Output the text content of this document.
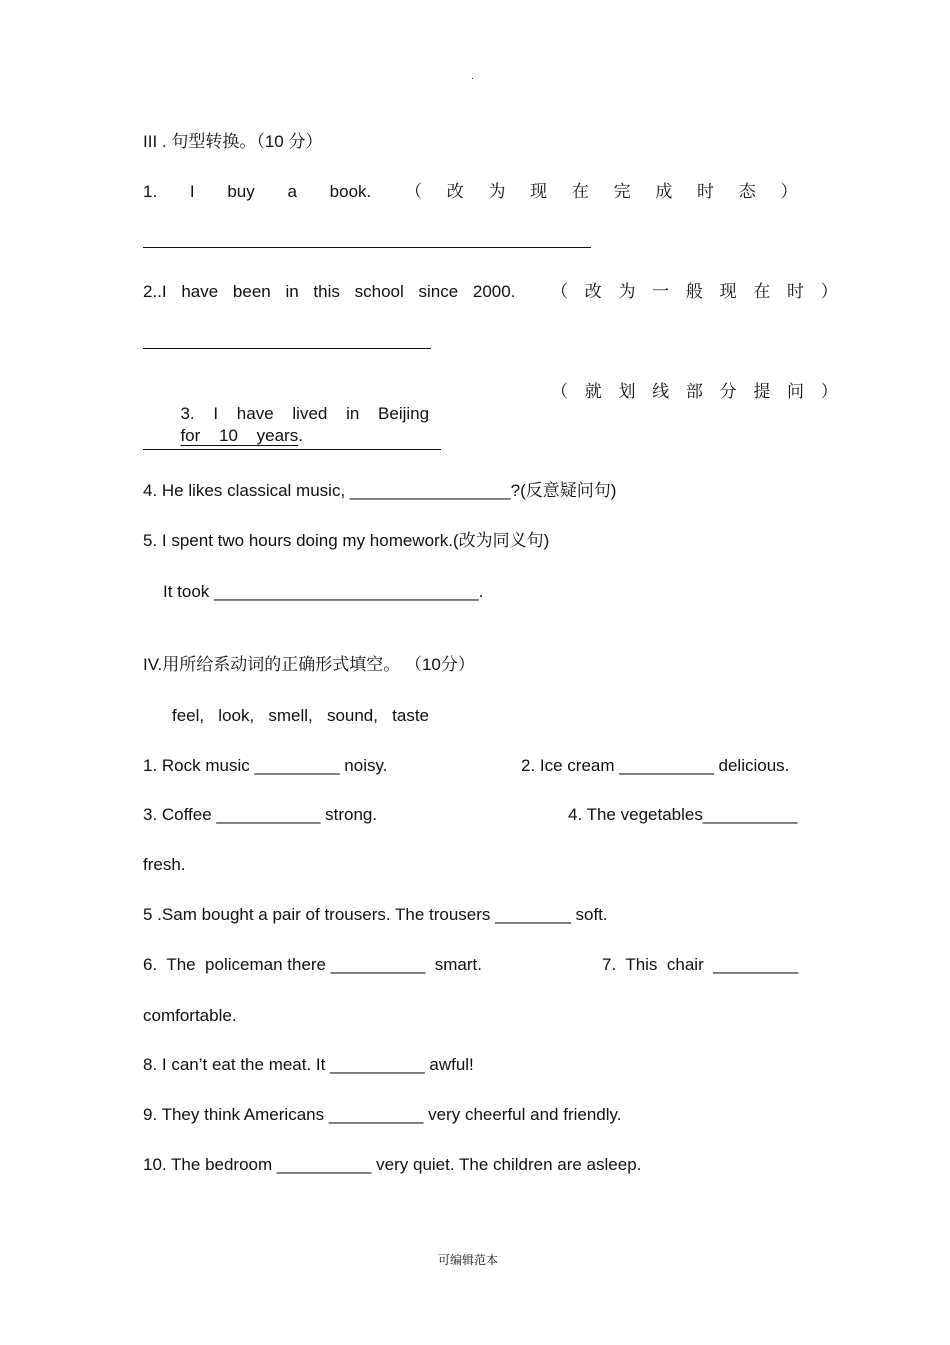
.
III . 句型转换。（10 分）
1. I buy a book. （ 改 为 现 在 完 成 时 态 ）
2..I have been in this school since 2000. （ 改 为 一 般 现 在 时 ）

3. I have lived in Beijing
for 10 years.

（ 就 划 线 部 分 提 问 ）
4. He likes classical music, _________________?(反意疑问句)
5. I spent two hours doing my homework.(改为同义句)
It took ____________________________.
IV.用所给系动词的正确形式填空。 （10分）
feel,   look,   smell,   sound,   taste
1. Rock music _________ noisy.	2. Ice cream __________ delicious.
3. Coffee ___________ strong.	4. The vegetables__________
fresh.
5 .Sam bought a pair of trousers. The trousers ________ soft.
6.  The  policeman there __________  smart.	7.  This  chair  _________
comfortable.
8. I can’t eat the meat. It __________ awful!
9. They think Americans __________ very cheerful and friendly.
10. The bedroom __________ very quiet. The children are asleep.
可编辑范本
